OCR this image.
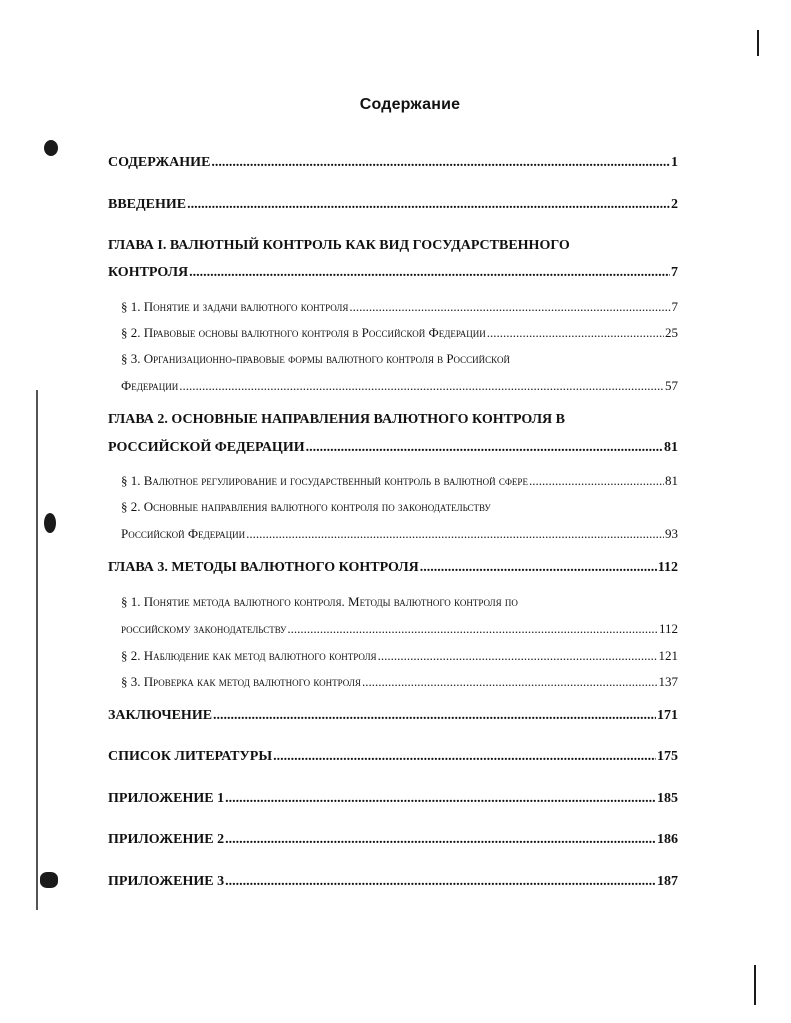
Содержание
СОДЕРЖАНИЕ .....	1
ВВЕДЕНИЕ .....	2
ГЛАВА I. ВАЛЮТНЫЙ КОНТРОЛЬ КАК ВИД ГОСУДАРСТВЕННОГО
КОНТРОЛЯ .....	7
§ 1. Понятие и задачи валютного контроля .....	7
§ 2. Правовые основы валютного контроля в Российской Федерации .....	25
§ 3. Организационно-правовые формы валютного контроля в Российской
Федерации .....	57
ГЛАВА 2. ОСНОВНЫЕ НАПРАВЛЕНИЯ ВАЛЮТНОГО КОНТРОЛЯ В
РОССИЙСКОЙ ФЕДЕРАЦИИ .....	81
§ 1. Валютное регулирование и государственный контроль в валютной сфере .....	81
§ 2. Основные направления валютного контроля по законодательству
Российской Федерации .....	93
ГЛАВА 3. МЕТОДЫ ВАЛЮТНОГО КОНТРОЛЯ .....	112
§ 1. Понятие метода валютного контроля. Методы валютного контроля по
российскому законодательству .....	112
§ 2. Наблюдение как метод валютного контроля .....	121
§ 3. Проверка как метод валютного контроля .....	137
ЗАКЛЮЧЕНИЕ .....	171
СПИСОК ЛИТЕРАТУРЫ .....	175
ПРИЛОЖЕНИЕ 1 .....	185
ПРИЛОЖЕНИЕ 2 .....	186
ПРИЛОЖЕНИЕ 3 .....	187
